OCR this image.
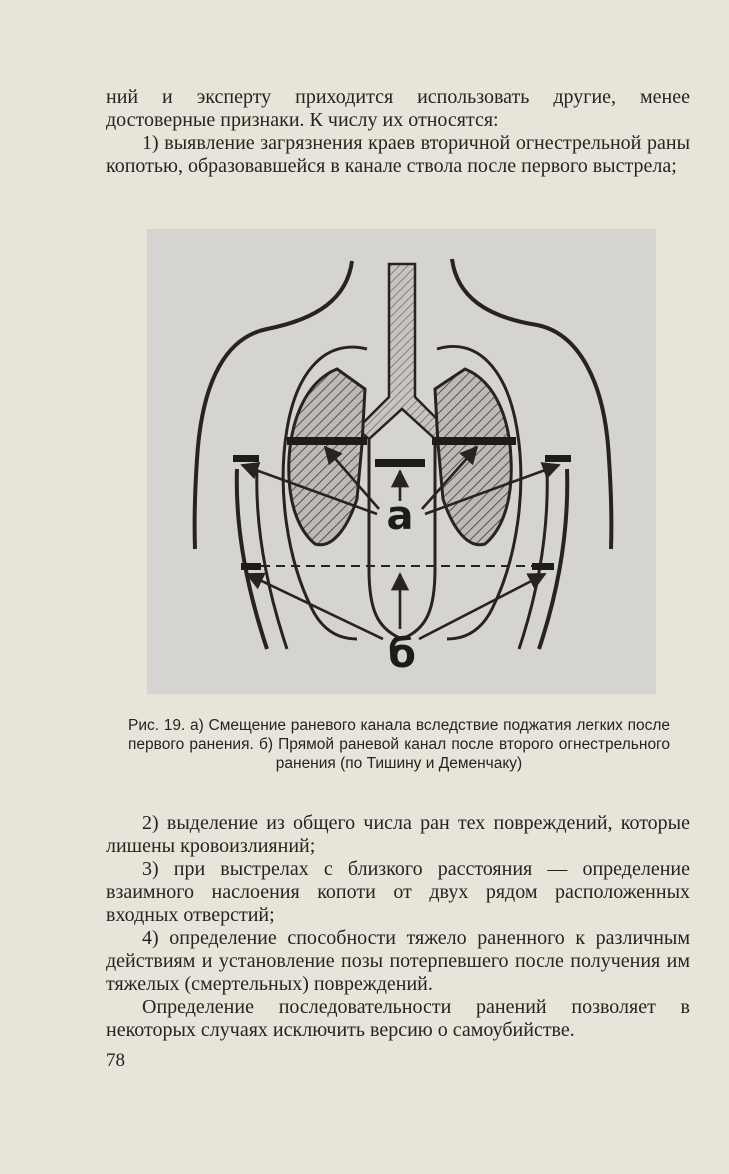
ний и эксперту приходится использовать другие, менее достоверные признаки. К числу их относятся:

1) выявление загрязнения краев вторичной огнестрельной раны копотью, образовавшейся в канале ствола после первого выстрела;

а
б
Рис. 19. а) Смещение раневого канала вследствие поджатия легких после первого ранения. б) Прямой раневой канал после второго огнестрельного ранения (по Тишину и Деменчаку)

2) выделение из общего числа ран тех повреждений, которые лишены кровоизлияний;

3) при выстрелах с близкого расстояния — определение взаимного наслоения копоти от двух рядом расположенных входных отверстий;

4) определение способности тяжело раненного к различным действиям и установление позы потерпевшего после получения им тяжелых (смертельных) повреждений.

Определение последовательности ранений позволяет в некоторых случаях исключить версию о самоубийстве.

78
